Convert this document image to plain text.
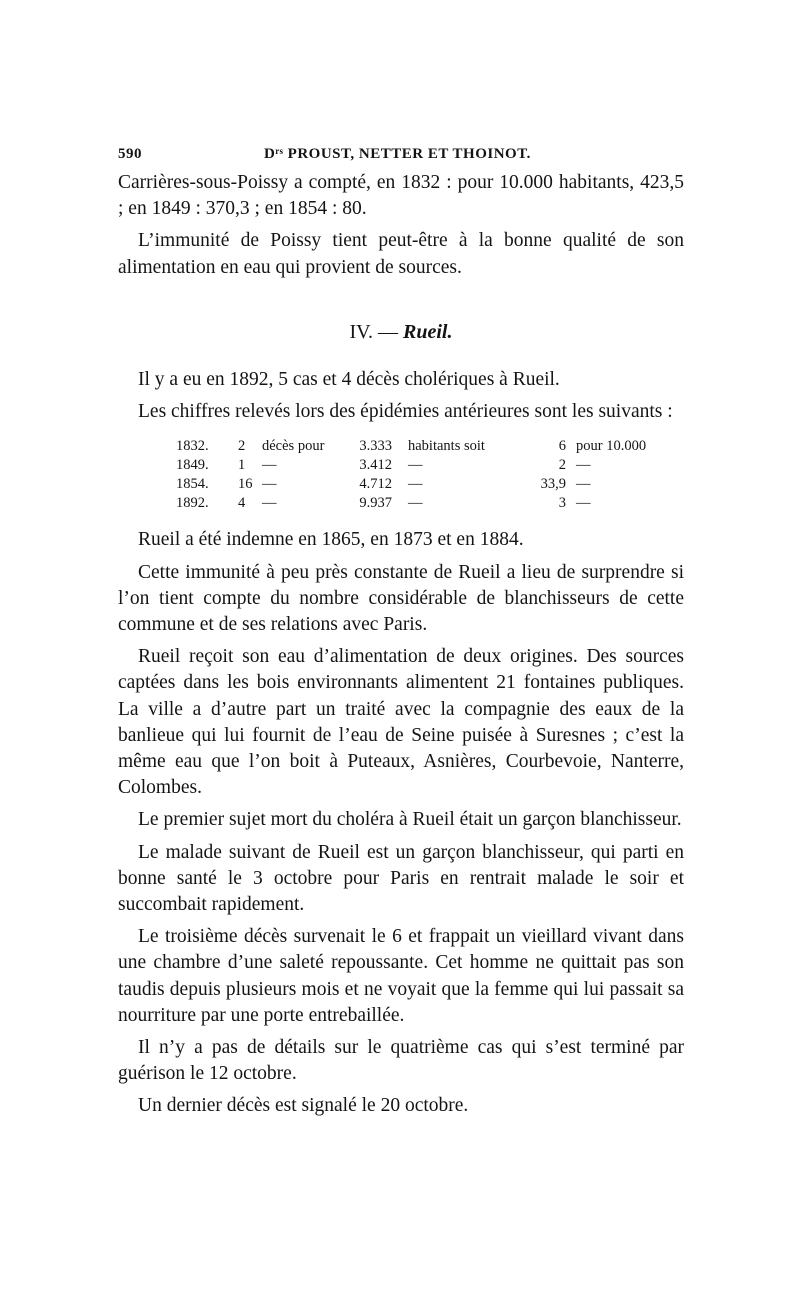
590	Dʳˢ PROUST, NETTER ET THOINOT.

Carrières-sous-Poissy a compté, en 1832 : pour 10.000 habitants, 423,5 ; en 1849 : 370,3 ; en 1854 : 80.

L’immunité de Poissy tient peut-être à la bonne qualité de son alimentation en eau qui provient de sources.

IV. — Rueil.

Il y a eu en 1892, 5 cas et 4 décès cholériques à Rueil.

Les chiffres relevés lors des épidémies antérieures sont les suivants :

1832.	2	décès pour	3.333	habitants soit	6	pour 10.000
1849.	1	—	3.412	—	2	—
1854.	16	—	4.712	—	33,9	—
1892.	4	—	9.937	—	3	—

Rueil a été indemne en 1865, en 1873 et en 1884.

Cette immunité à peu près constante de Rueil a lieu de surprendre si l’on tient compte du nombre considérable de blanchisseurs de cette commune et de ses relations avec Paris.

Rueil reçoit son eau d’alimentation de deux origines. Des sources captées dans les bois environnants alimentent 21 fontaines publiques. La ville a d’autre part un traité avec la compagnie des eaux de la banlieue qui lui fournit de l’eau de Seine puisée à Suresnes ; c’est la même eau que l’on boit à Puteaux, Asnières, Courbevoie, Nanterre, Colombes.

Le premier sujet mort du choléra à Rueil était un garçon blanchisseur.

Le malade suivant de Rueil est un garçon blanchisseur, qui parti en bonne santé le 3 octobre pour Paris en rentrait malade le soir et succombait rapidement.

Le troisième décès survenait le 6 et frappait un vieillard vivant dans une chambre d’une saleté repoussante. Cet homme ne quittait pas son taudis depuis plusieurs mois et ne voyait que la femme qui lui passait sa nourriture par une porte entrebaillée.

Il n’y a pas de détails sur le quatrième cas qui s’est terminé par guérison le 12 octobre.

Un dernier décès est signalé le 20 octobre.
